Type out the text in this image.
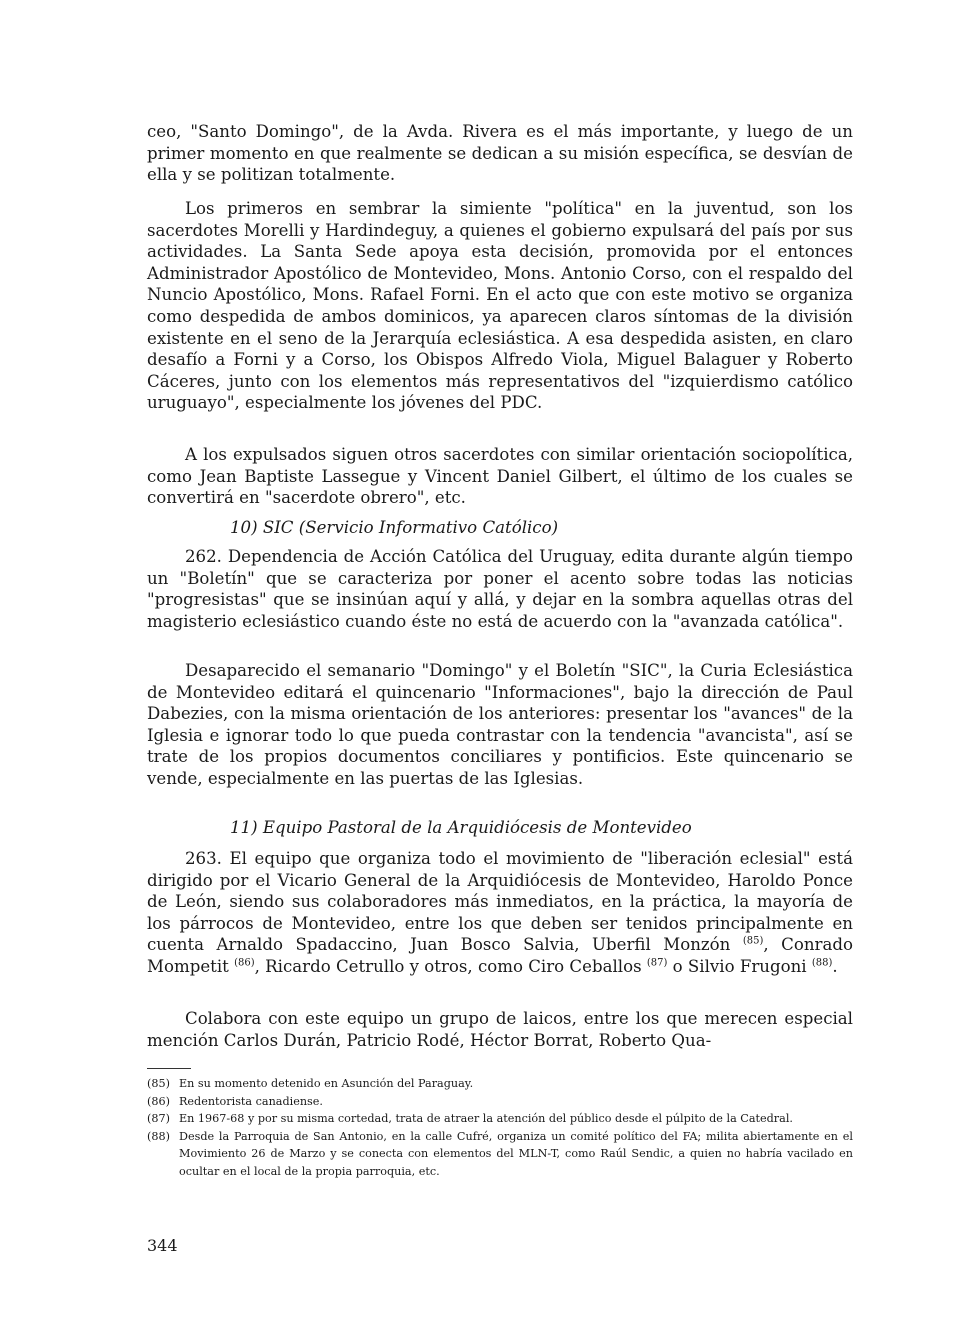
ceo, "Santo Domingo", de la Avda. Rivera es el más importante, y luego de un primer momento en que realmente se dedican a su misión específica, se desvían de ella y se politizan totalmente.

Los primeros en sembrar la simiente "política" en la juventud, son los sacerdotes Morelli y Hardindeguy, a quienes el gobierno expulsará del país por sus actividades. La Santa Sede apoya esta decisión, promovida por el entonces Administrador Apostólico de Montevideo, Mons. Antonio Corso, con el respaldo del Nuncio Apostólico, Mons. Rafael Forni. En el acto que con este motivo se organiza como despedida de ambos dominicos, ya aparecen claros síntomas de la división existente en el seno de la Jerarquía eclesiástica. A esa despedida asisten, en claro desafío a Forni y a Corso, los Obispos Alfredo Viola, Miguel Balaguer y Roberto Cáceres, junto con los elementos más representativos del "izquierdismo católico uruguayo", especialmente los jóvenes del PDC.

A los expulsados siguen otros sacerdotes con similar orientación sociopolítica, como Jean Baptiste Lassegue y Vincent Daniel Gilbert, el último de los cuales se convertirá en "sacerdote obrero", etc.

10) SIC (Servicio Informativo Católico)

262. Dependencia de Acción Católica del Uruguay, edita durante algún tiempo un "Boletín" que se caracteriza por poner el acento sobre todas las noticias "progresistas" que se insinúan aquí y allá, y dejar en la sombra aquellas otras del magisterio eclesiástico cuando éste no está de acuerdo con la "avanzada católica".

Desaparecido el semanario "Domingo" y el Boletín "SIC", la Curia Eclesiástica de Montevideo editará el quincenario "Informaciones", bajo la dirección de Paul Dabezies, con la misma orientación de los anteriores: presentar los "avances" de la Iglesia e ignorar todo lo que pueda contrastar con la tendencia "avancista", así se trate de los propios documentos conciliares y pontificios. Este quincenario se vende, especialmente en las puertas de las Iglesias.

11) Equipo Pastoral de la Arquidiócesis de Montevideo

263. El equipo que organiza todo el movimiento de "liberación eclesial" está dirigido por el Vicario General de la Arquidiócesis de Montevideo, Haroldo Ponce de León, siendo sus colaboradores más inmediatos, en la práctica, la mayoría de los párrocos de Montevideo, entre los que deben ser tenidos principalmente en cuenta Arnaldo Spadaccino, Juan Bosco Salvia, Uberfil Monzón $^{(85)}$, Conrado Mompetit $^{(86)}$, Ricardo Cetrullo y otros, como Ciro Ceballos $^{(87)}$ o Silvio Frugoni $^{(88)}$.

Colabora con este equipo un grupo de laicos, entre los que merecen especial mención Carlos Durán, Patricio Rodé, Héctor Borrat, Roberto Qua-

(85) En su momento detenido en Asunción del Paraguay.

(86) Redentorista canadiense.

(87) En 1967-68 y por su misma cortedad, trata de atraer la atención del público desde el púlpito de la Catedral.

(88) Desde la Parroquia de San Antonio, en la calle Cufré, organiza un comité político del FA; milita abiertamente en el Movimiento 26 de Marzo y se conecta con elementos del MLN-T, como Raúl Sendic, a quien no habría vacilado en ocultar en el local de la propia parroquia, etc.

344
